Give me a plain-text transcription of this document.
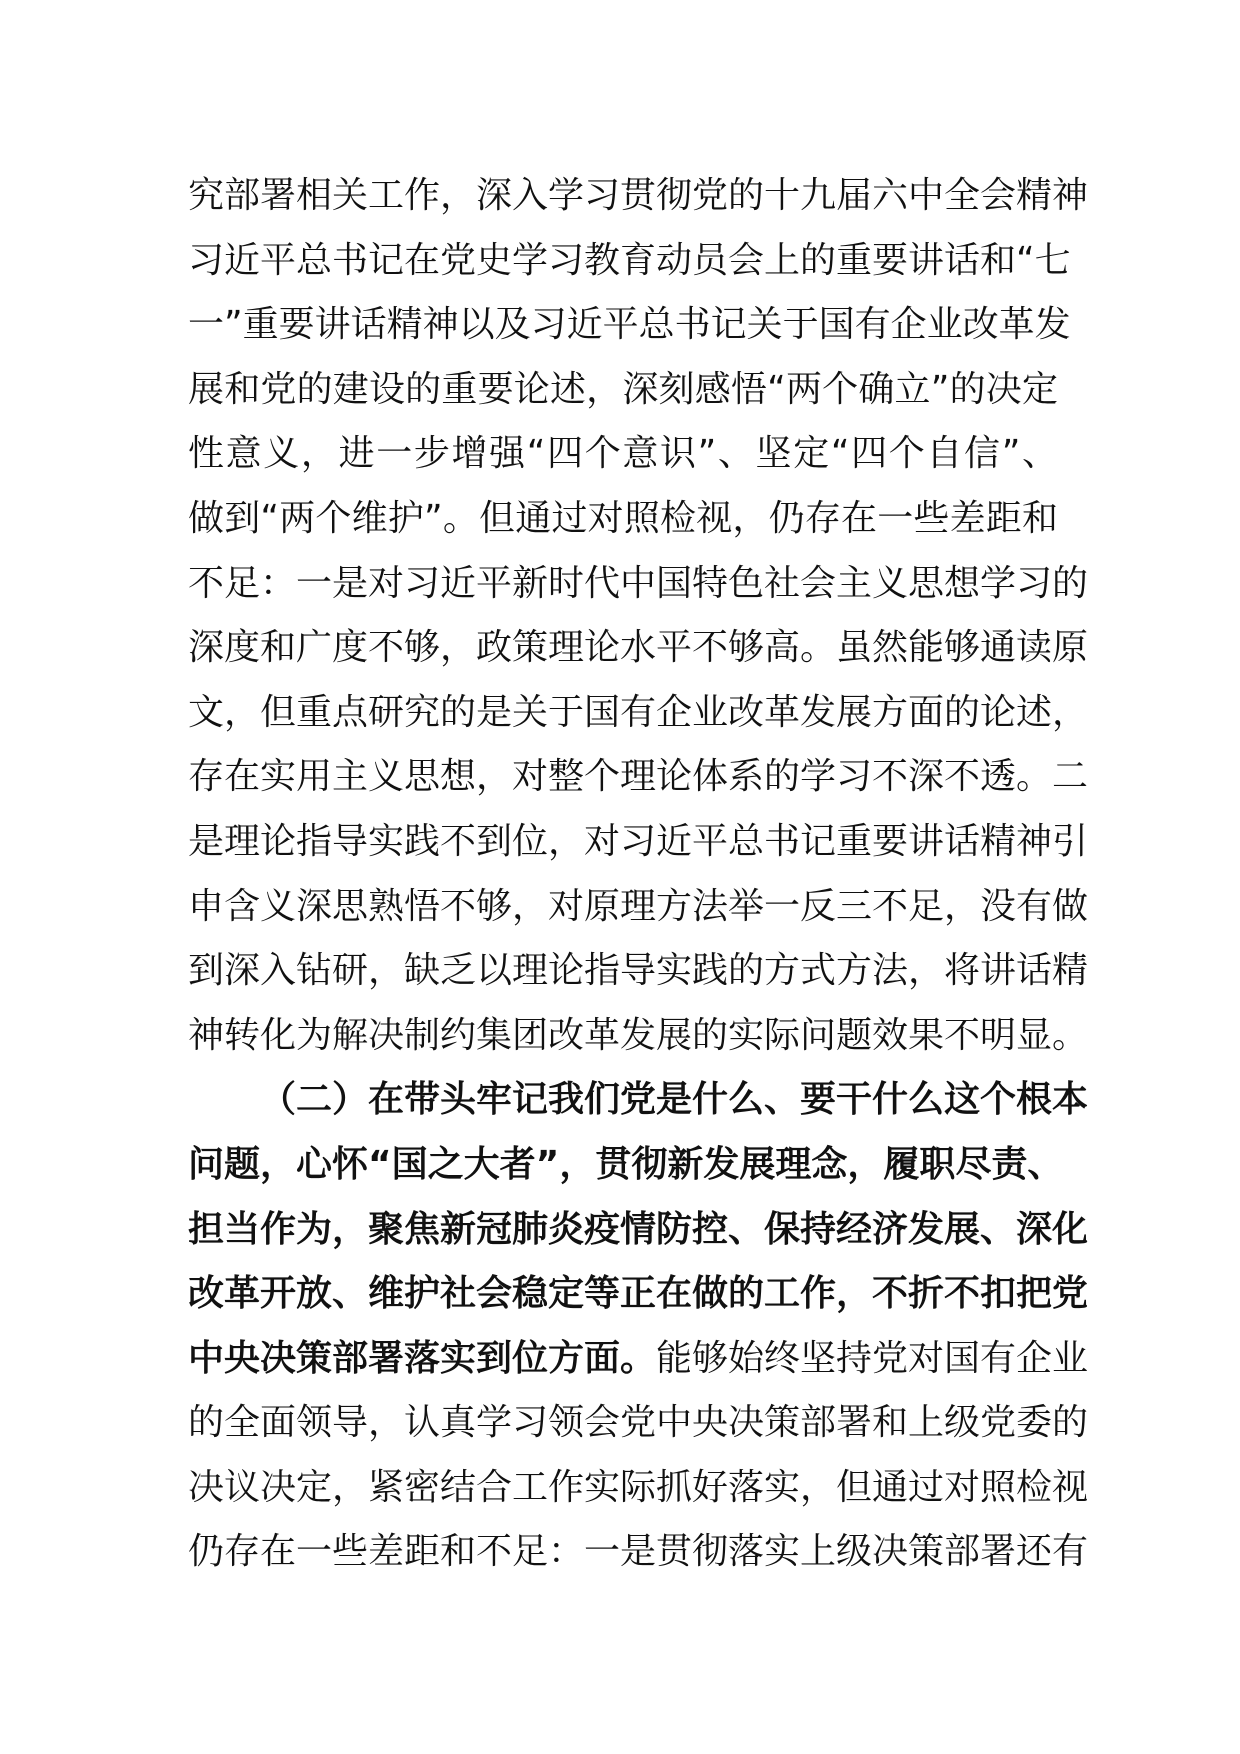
究部署相关工作，深入学习贯彻党的十九届六中全会精神
习近平总书记在党史学习教育动员会上的重要讲话和“七
一”重要讲话精神以及习近平总书记关于国有企业改革发
展和党的建设的重要论述，深刻感悟“两个确立”的决定
性意义，进一步增强“四个意识”、坚定“四个自信”、
做到“两个维护”。但通过对照检视，仍存在一些差距和
不足：一是对习近平新时代中国特色社会主义思想学习的
深度和广度不够，政策理论水平不够高。虽然能够通读原
文，但重点研究的是关于国有企业改革发展方面的论述，
存在实用主义思想，对整个理论体系的学习不深不透。二
是理论指导实践不到位，对习近平总书记重要讲话精神引
申含义深思熟悟不够，对原理方法举一反三不足，没有做
到深入钻研，缺乏以理论指导实践的方式方法，将讲话精
神转化为解决制约集团改革发展的实际问题效果不明显。
（二）在带头牢记我们党是什么、要干什么这个根本
问题，心怀“国之大者”，贯彻新发展理念，履职尽责、
担当作为，聚焦新冠肺炎疫情防控、保持经济发展、深化
改革开放、维护社会稳定等正在做的工作，不折不扣把党
中央决策部署落实到位方面。能够始终坚持党对国有企业
的全面领导，认真学习领会党中央决策部署和上级党委的
决议决定，紧密结合工作实际抓好落实，但通过对照检视
仍存在一些差距和不足：一是贯彻落实上级决策部署还有
